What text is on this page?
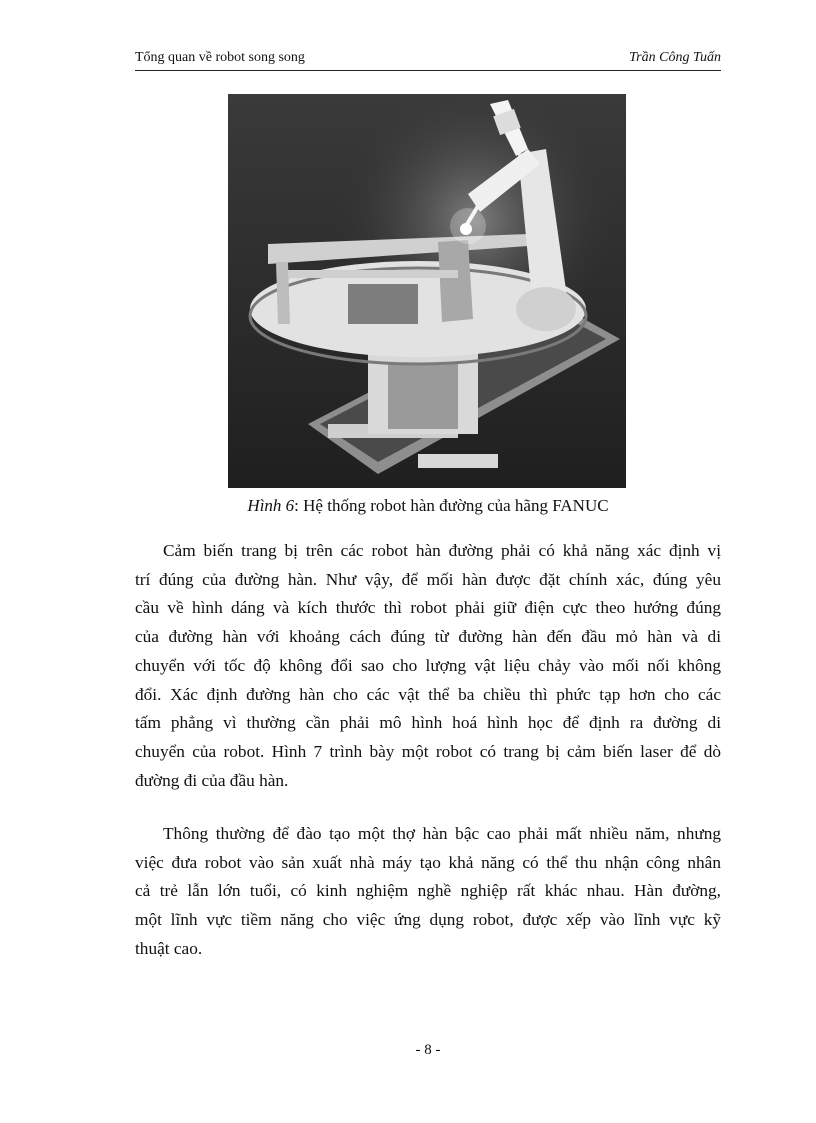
Tổng quan về robot song song	Trần Công Tuấn
Hình 6: Hệ thống robot hàn đường của hãng FANUC
Cảm biến trang bị trên các robot hàn đường phải có khả năng xác định vị
trí đúng của đường hàn. Như vậy, để mối hàn được đặt chính xác, đúng yêu
cầu về hình dáng và kích thước thì robot phải giữ điện cực theo hướng đúng
của đường hàn với khoảng cách đúng từ đường hàn đến đầu mỏ hàn và di
chuyển với tốc độ không đổi sao cho lượng vật liệu chảy vào mối nối không
đổi. Xác định đường hàn cho các vật thể ba chiều thì phức tạp hơn cho các
tấm phẳng vì thường cần phải mô hình hoá hình học để định ra đường di
chuyển của robot. Hình 7 trình bày một robot có trang bị cảm biến laser để dò
đường đi của đầu hàn.
Thông thường để đào tạo một thợ hàn bậc cao phải mất nhiều năm, nhưng
việc đưa robot vào sản xuất nhà máy tạo khả năng có thể thu nhận công nhân
cả trẻ lẫn lớn tuổi, có kinh nghiệm nghề nghiệp rất khác nhau. Hàn đường,
một lĩnh vực tiềm năng cho việc ứng dụng robot, được xếp vào lĩnh vực kỹ
thuật cao.
- 8 -
